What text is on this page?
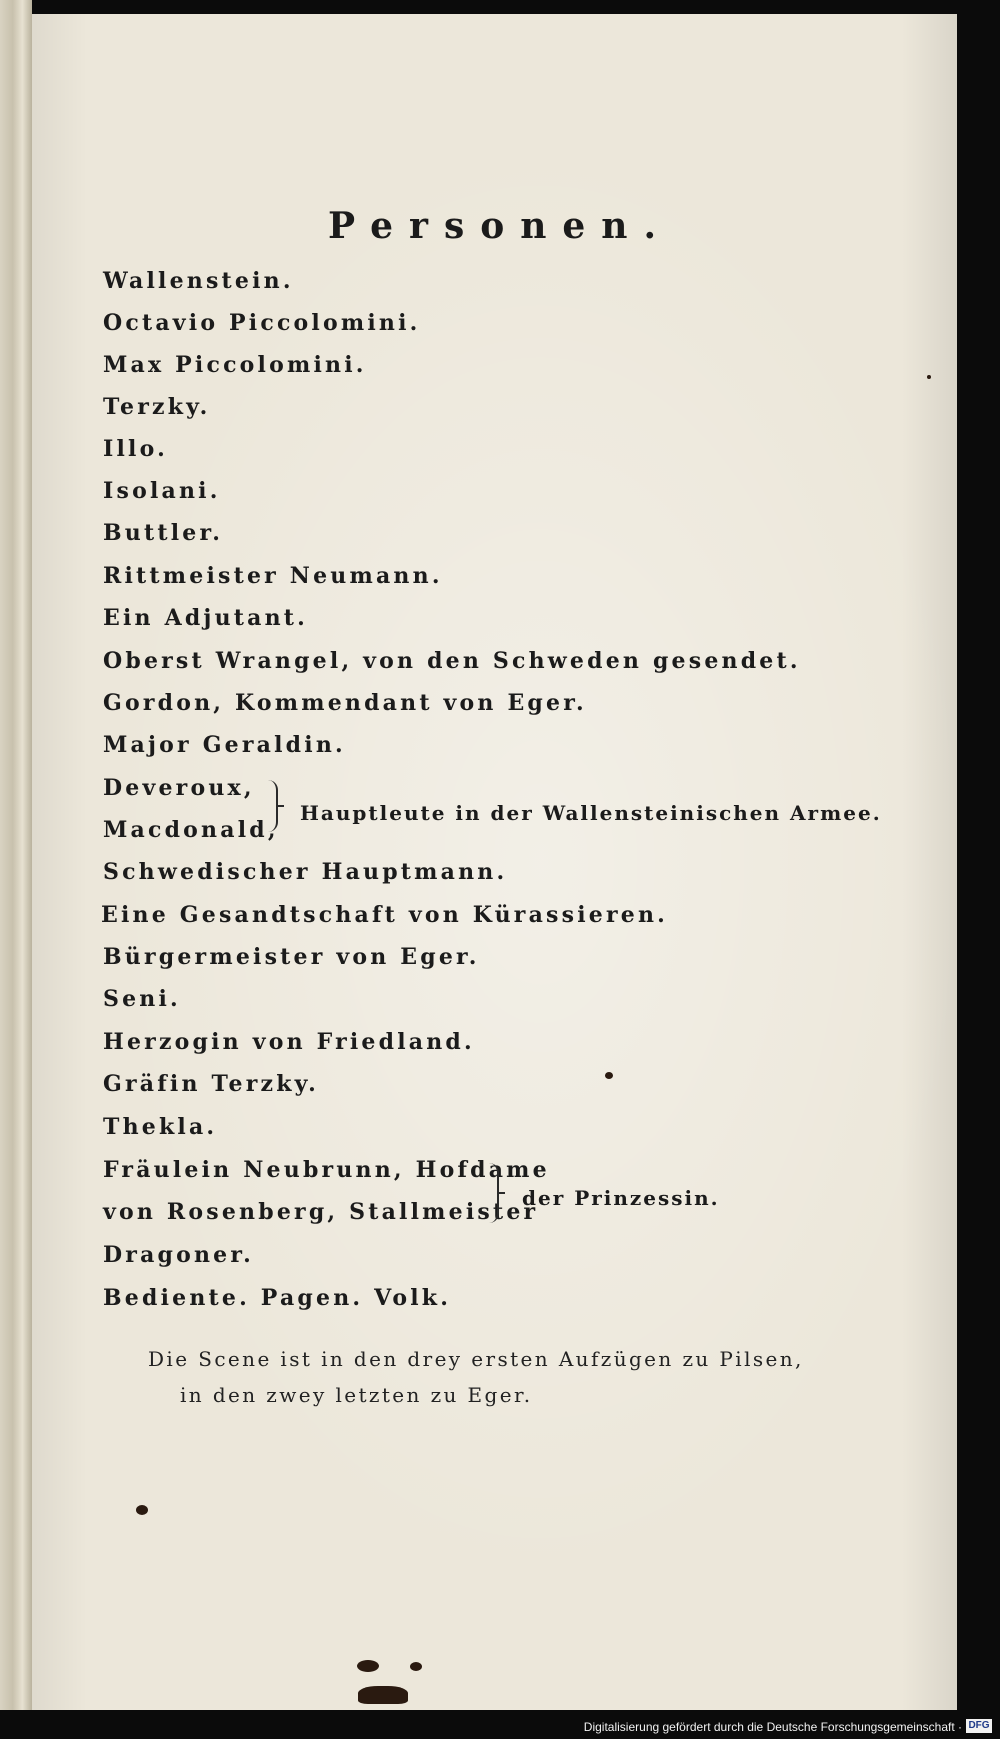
Personen.
Wallenstein.
Octavio Piccolomini.
Max Piccolomini.
Terzky.
Illo.
Isolani.
Buttler.
Rittmeister Neumann.
Ein Adjutant.
Oberst Wrangel, von den Schweden gesendet.
Gordon, Kommendant von Eger.
Major Geraldin.
Deveroux,
Macdonald,
Hauptleute in der Wallensteinischen Armee.
Schwedischer Hauptmann.
Eine Gesandtschaft von Kürassieren.
Bürgermeister von Eger.
Seni.
Herzogin von Friedland.
Gräfin Terzky.
Thekla.
Fräulein Neubrunn, Hofdame
von Rosenberg, Stallmeister
der Prinzessin.
Dragoner.
Bediente. Pagen. Volk.
Die Scene ist in den drey ersten Aufzügen zu Pilsen,
in den zwey letzten zu Eger.
Digitalisierung gefördert durch die Deutsche Forschungsgemeinschaft · DFG
